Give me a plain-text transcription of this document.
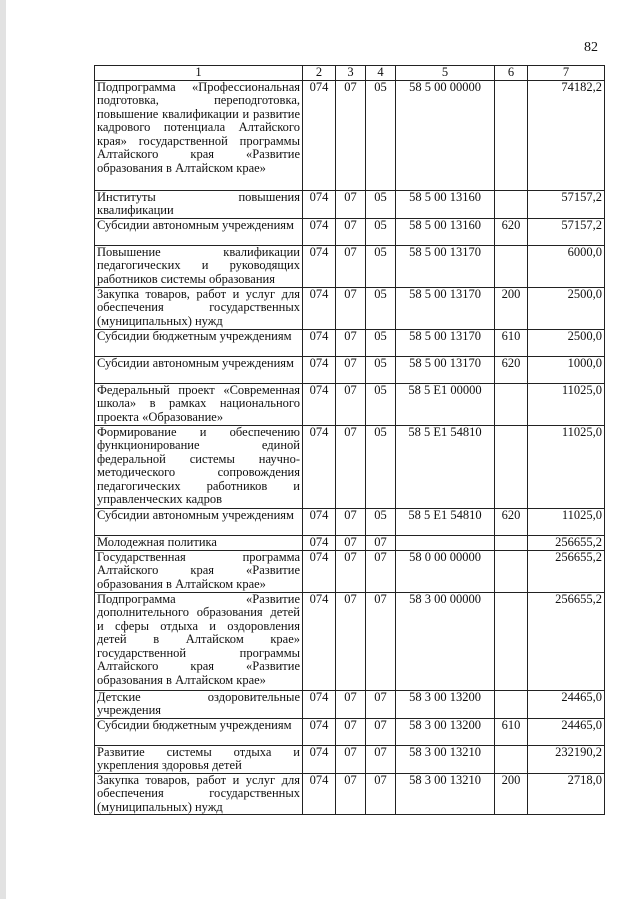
82
1	2	3	4	5	6	7
Подпрограмма «Профессиональная подготовка, переподготовка, повышение квалификации и развитие кадрового потенциала Алтайского края» государственной программы Алтайского края «Развитие образования в Алтайском крае»	074	07	05	58 5 00 00000		74182,2
Институты повышения квалификации	074	07	05	58 5 00 13160		57157,2
Субсидии автономным учреждениям	074	07	05	58 5 00 13160	620	57157,2
Повышение квалификации педагогических и руководящих работников системы образования	074	07	05	58 5 00 13170		6000,0
Закупка товаров, работ и услуг для обеспечения государственных (муниципальных) нужд	074	07	05	58 5 00 13170	200	2500,0
Субсидии бюджетным учреждениям	074	07	05	58 5 00 13170	610	2500,0
Субсидии автономным учреждениям	074	07	05	58 5 00 13170	620	1000,0
Федеральный проект «Современная школа» в рамках национального проекта «Образование»	074	07	05	58 5 E1 00000		11025,0
Формирование и обеспечению функционирование единой федеральной системы научно-методического сопровождения педагогических работников и управленческих кадров	074	07	05	58 5 E1 54810		11025,0
Субсидии автономным учреждениям	074	07	05	58 5 E1 54810	620	11025,0
Молодежная политика	074	07	07			256655,2
Государственная программа Алтайского края «Развитие образования в Алтайском крае»	074	07	07	58 0 00 00000		256655,2
Подпрограмма «Развитие дополнительного образования детей и сферы отдыха и оздоровления детей в Алтайском крае» государственной программы Алтайского края «Развитие образования в Алтайском крае»	074	07	07	58 3 00 00000		256655,2
Детские оздоровительные учреждения	074	07	07	58 3 00 13200		24465,0
Субсидии бюджетным учреждениям	074	07	07	58 3 00 13200	610	24465,0
Развитие системы отдыха и укрепления здоровья детей	074	07	07	58 3 00 13210		232190,2
Закупка товаров, работ и услуг для обеспечения государственных (муниципальных) нужд	074	07	07	58 3 00 13210	200	2718,0
